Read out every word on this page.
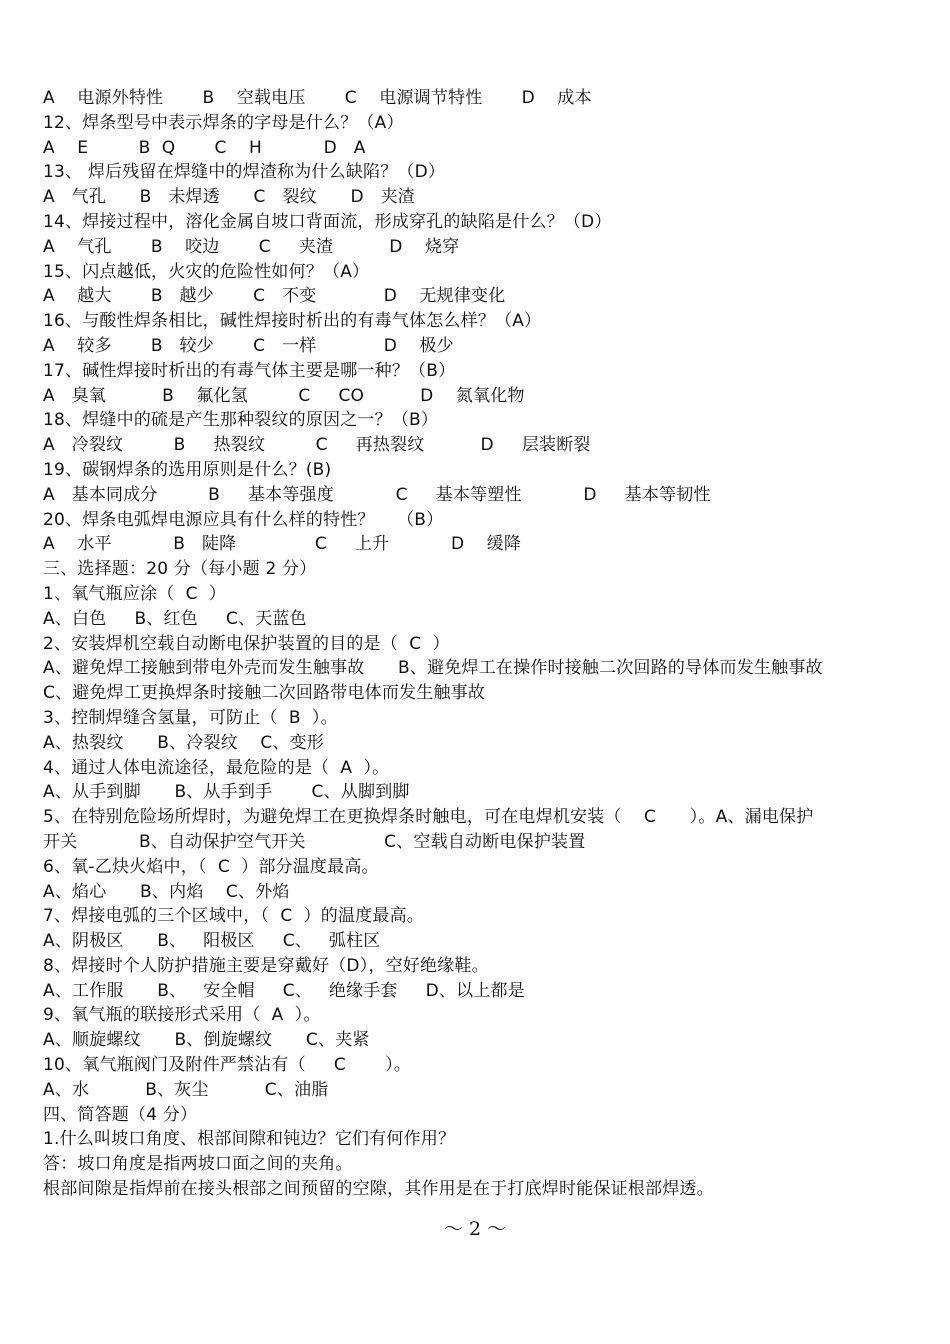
A    电源外特性       B    空载电压       C    电源调节特性       D    成本
12、焊条型号中表示焊条的字母是什么？（A）
A    E         B  Q       C    H           D   A
13、 焊后残留在焊缝中的焊渣称为什么缺陷？（D）
A   气孔      B   未焊透      C   裂纹      D   夹渣
14、焊接过程中，溶化金属自坡口背面流，形成穿孔的缺陷是什么？（D）
A    气孔       B    咬边       C     夹渣          D    烧穿
15、闪点越低，火灾的危险性如何？（A）
A    越大       B   越少       C   不变            D    无规律变化
16、与酸性焊条相比，碱性焊接时析出的有毒气体怎么样？（A）
A    较多       B   较少       C   一样            D    极少
17、碱性焊接时析出的有毒气体主要是哪一种？（B）
A   臭氧          B    氟化氢         C     CO          D    氮氧化物
18、焊缝中的硫是产生那种裂纹的原因之一？（B）
A   冷裂纹         B     热裂纹         C     再热裂纹          D     层装断裂
19、碳钢焊条的选用原则是什么？(B)
A   基本同成分         B     基本等强度           C     基本等塑性           D     基本等韧性
20、焊条电弧焊电源应具有什么样的特性？    （B）
A    水平           B   陡降              C     上升           D    缓降
三、选择题：20 分（每小题 2 分）
1、氧气瓶应涂（  C  ）
A、白色     B、红色     C、天蓝色
2、安装焊机空载自动断电保护装置的目的是（  C  ）
A、避免焊工接触到带电外壳而发生触事故      B、避免焊工在操作时接触二次回路的导体而发生触事故
C、避免焊工更换焊条时接触二次回路带电体而发生触事故
3、控制焊缝含氢量，可防止（  B  ）。
A、热裂纹      B、冷裂纹    C、变形
4、通过人体电流途径，最危险的是（  A  ）。
A、从手到脚      B、从手到手       C、从脚到脚
5、在特别危险场所焊时，为避免焊工在更换焊条时触电，可在电焊机安装（    C      ）。A、漏电保护
开关           B、自动保护空气开关              C、空载自动断电保护装置
6、氧-乙炔火焰中，（  C  ）部分温度最高。
A、焰心      B、内焰    C、外焰
7、焊接电弧的三个区域中，（  C  ）的温度最高。
A、阴极区      B、   阳极区     C、   弧柱区
8、焊接时个人防护措施主要是穿戴好（D），空好绝缘鞋。
A、工作服      B、   安全帽     C、   绝缘手套     D、以上都是
9、氧气瓶的联接形式采用（  A  ）。
A、顺旋螺纹      B、倒旋螺纹      C、夹紧
10、氧气瓶阀门及附件严禁沾有（     C       ）。
A、水          B、灰尘          C、油脂
四、简答题（4 分）
1.什么叫坡口角度、根部间隙和钝边？它们有何作用？
答：坡口角度是指两坡口面之间的夹角。
根部间隙是指焊前在接头根部之间预留的空隙，其作用是在于打底焊时能保证根部焊透。
～ 2 ～
